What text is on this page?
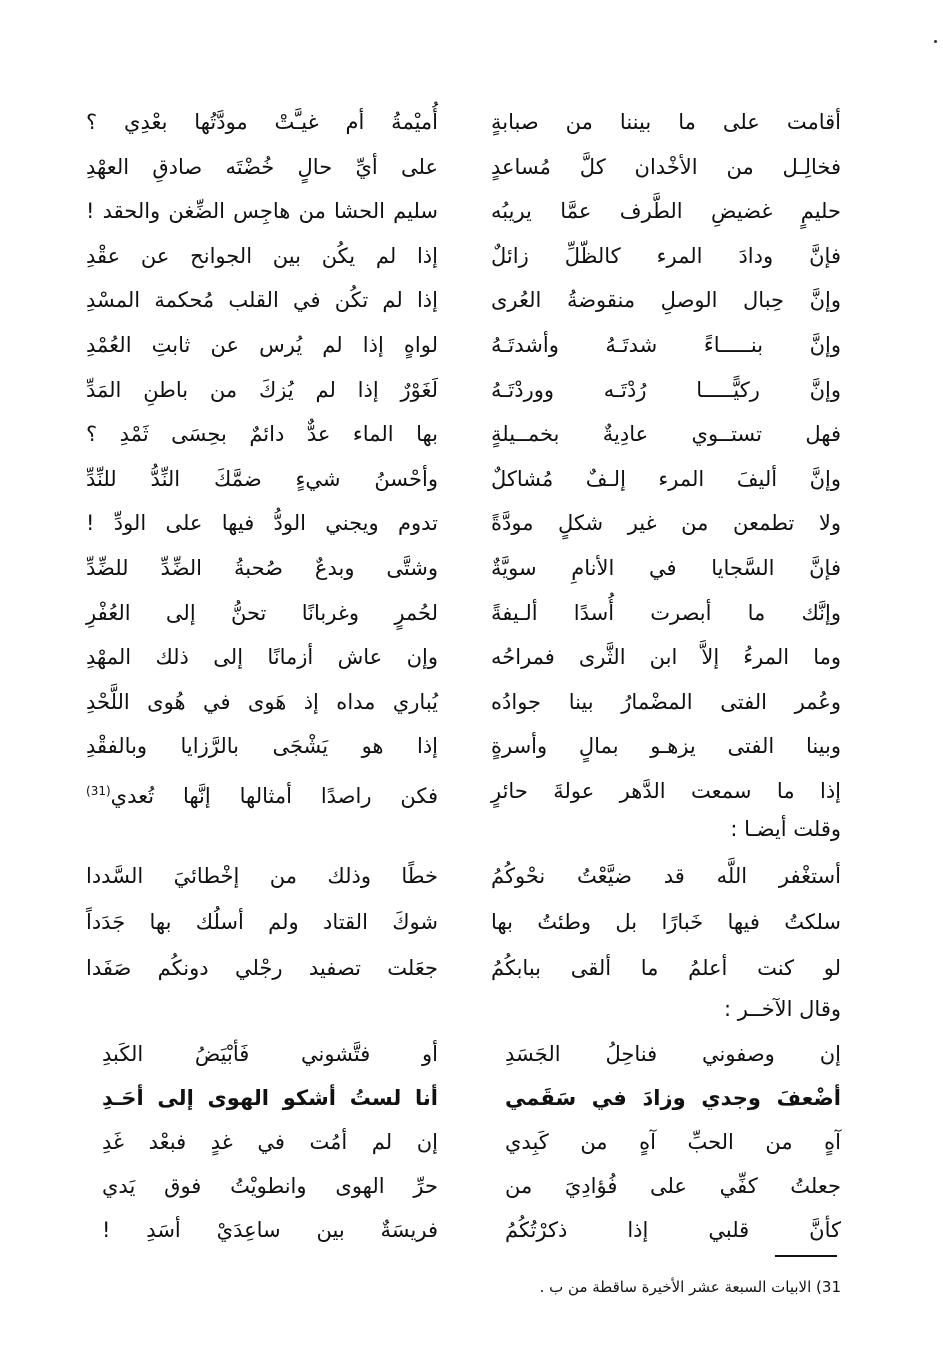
أقامت على ما بيننا من صبابةٍ
فخالِـل من الأخْدان كلَّ مُساعدٍ
حليمٍ غضيضِ الطَّرف عمَّا يريبُه
فإنَّ ودادَ المرء كالظّلِّ زائلٌ
وإنَّ حِبال الوصلِ منقوضةُ العُرى
وإنَّ بنـــــاءً شدتَـهُ وأشدتَـهُ
وإنَّ ركيًّـــــا رُدْتَـه ووردْتَـهُ
فهل تستــوي عادِيةٌ بخمــيلةٍ
وإنَّ أليفَ المرء إلـفٌ مُشاكلٌ
ولا تطمعن من غير شكلٍ مودَّةً
فإنَّ السَّجايا في الأنامِ سويَّةٌ
وإنَّك ما أبصرت أُسدًا ألـيفةً
وما المرءُ إلاَّ ابن الثَّرى فمراحُه
وعُمر الفتى المضْمارُ بينا جوادُه
وبينا الفتى يزهـو بمالٍ وأسرةٍ
إذا ما سمعت الدَّهر عولةَ حائرٍ
أُميْمةُ أم غيـَّتْ مودَّتُها بعْدِي ؟
على أيِّ حالٍ خُضْتَه صادقِ العهْدِ
سليم الحشا من هاجِس الضِّغن والحقد !
إذا لم يكُن بين الجوانح عن عقْدِ
إذا لم تكُن في القلب مُحكمة المسْدِ
لواهٍ إذا لم يُرس عن ثابتِ العُمْدِ
لَغَوْرٌ إذا لم يُزكَ من باطنِ المَدِّ
بها الماء عدٌّ دائمٌ بحِسَى ثَمْدِ ؟
وأحْسنُ شيءٍ ضمَّكَ النِّدُّ للنِّدِّ
تدوم ويجني الودُّ فيها على الودِّ !
وشتَّى وبدعٌ صُحبةُ الضِّدِّ للضِّدِّ
لحُمرٍ وغربانًا تحنُّ إلى العُفْرِ
وإن عاش أزمانًا إلى ذلك المهْدِ
يُباري مداه إذ هَوى في هُوى اللَّحْدِ
إذا هو يَشْجَى بالرَّزايا وبالفقْدِ
فكن راصدًا أمثالها إنَّها تُعدي$^{(31)}$
وقلت أيضـا :
أستغْفر اللَّه قد ضيَّعْتُ نحْوكُمُ
سلكتُ فيها خَبارًا بل وطئتُ بها
لو كنت أعلمُ ما ألقى ببابكُمُ
خطًا وذلك من إخْطائيَ السَّددا
شوكَ القتاد ولم أسلُك بها جَدَداً
جعَلت تصفيد رجْلي دونكُم صَفَدا
وقال الآخــر :
إن وصفوني فناحِلُ الجَسَدِ
أضْعفَ وجدي وزادَ في سَقَمي
آهٍ من الحبِّ آهٍ من كَبِدي
جعلتُ كفِّي على فُؤادِيَ من
كأنَّ قلبي إذا ذكرْتُكُمُ
أو فتَّشوني فَأبْيَضُ الكَبدِ
أنا لستُ أشكو الهوى إلى أحَـدِ
إن لم أمُت في غدٍ فبعْد غَدِ
حرِّ الهوى وانطويْتُ فوق يَدي
فريسَةٌ بين ساعِدَيْ أسَدِ !
31) الابيات السبعة عشر الأخيرة ساقطة من ب .
